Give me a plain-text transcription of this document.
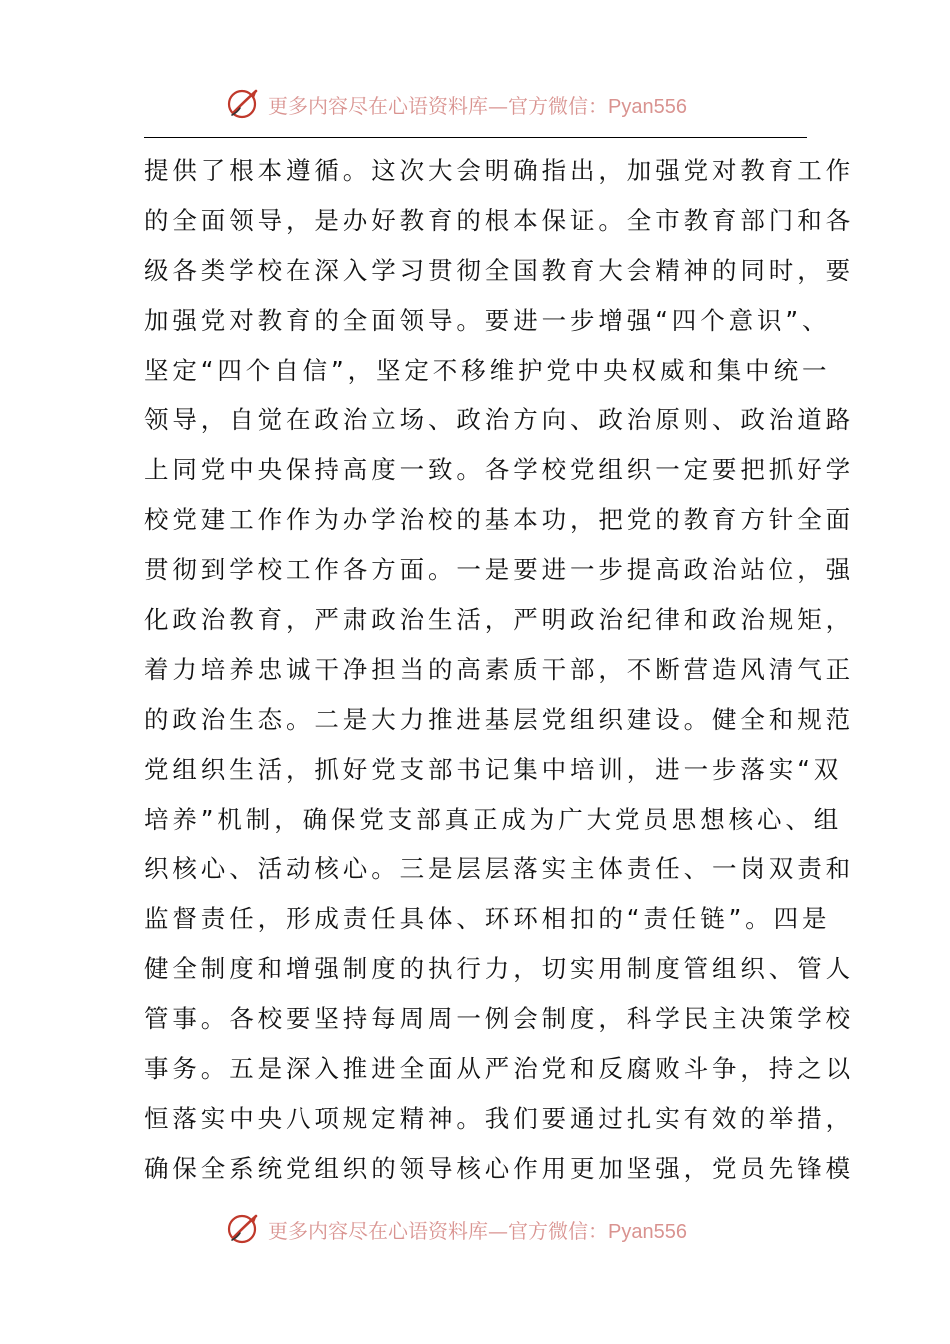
更多内容尽在心语资料库—官方微信：Pyan556
提供了根本遵循。这次大会明确指出，加强党对教育工作
的全面领导，是办好教育的根本保证。全市教育部门和各
级各类学校在深入学习贯彻全国教育大会精神的同时，要
加强党对教育的全面领导。要进一步增强“四个意识”、
坚定“四个自信”，坚定不移维护党中央权威和集中统一
领导，自觉在政治立场、政治方向、政治原则、政治道路
上同党中央保持高度一致。各学校党组织一定要把抓好学
校党建工作作为办学治校的基本功，把党的教育方针全面
贯彻到学校工作各方面。一是要进一步提高政治站位，强
化政治教育，严肃政治生活，严明政治纪律和政治规矩，
着力培养忠诚干净担当的高素质干部，不断营造风清气正
的政治生态。二是大力推进基层党组织建设。健全和规范
党组织生活，抓好党支部书记集中培训，进一步落实“双
培养”机制，确保党支部真正成为广大党员思想核心、组
织核心、活动核心。三是层层落实主体责任、一岗双责和
监督责任，形成责任具体、环环相扣的“责任链”。四是
健全制度和增强制度的执行力，切实用制度管组织、管人
管事。各校要坚持每周周一例会制度，科学民主决策学校
事务。五是深入推进全面从严治党和反腐败斗争，持之以
恒落实中央八项规定精神。我们要通过扎实有效的举措，
确保全系统党组织的领导核心作用更加坚强，党员先锋模
更多内容尽在心语资料库—官方微信：Pyan556
